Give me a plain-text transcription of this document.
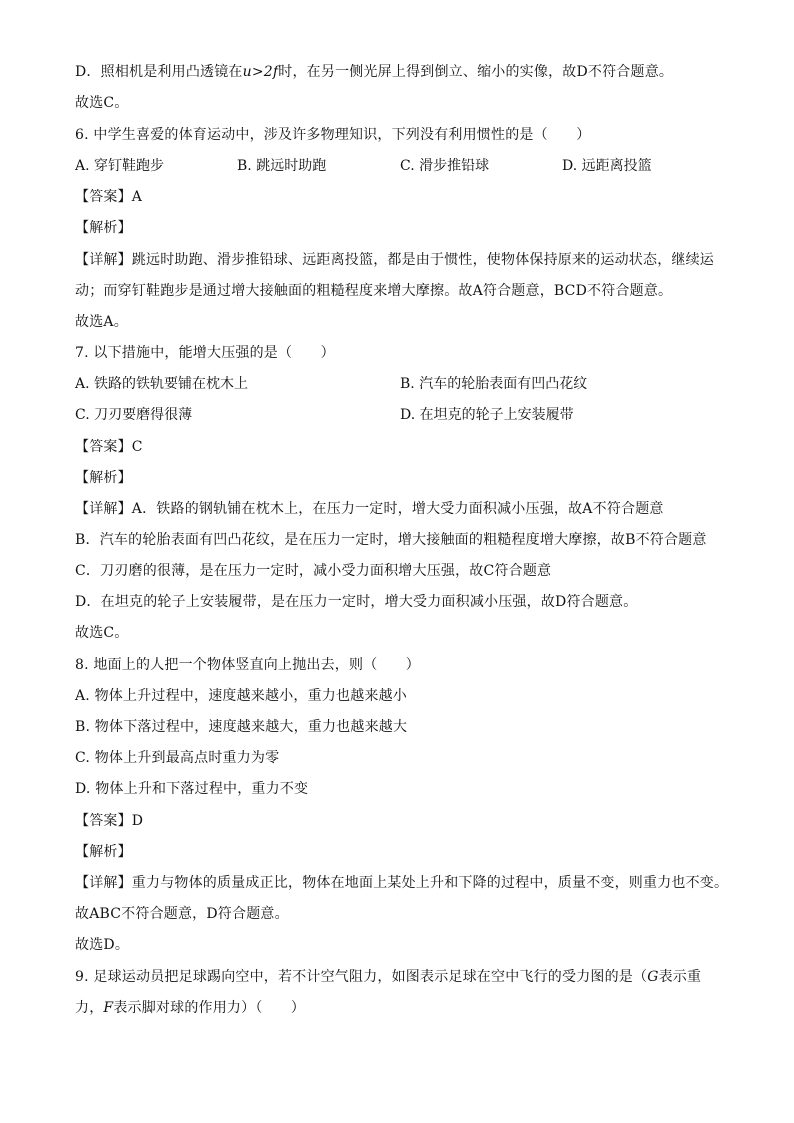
D．照相机是利用凸透镜在u>2f时，在另一侧光屏上得到倒立、缩小的实像，故D不符合题意。
故选C。
6. 中学生喜爱的体育运动中，涉及许多物理知识，下列没有利用惯性的是（　　）
A. 穿钉鞋跑步	B. 跳远时助跑	C. 滑步推铅球	D. 远距离投篮
【答案】A
【解析】
【详解】跳远时助跑、滑步推铅球、远距离投篮，都是由于惯性，使物体保持原来的运动状态，继续运
动；而穿钉鞋跑步是通过增大接触面的粗糙程度来增大摩擦。故A符合题意，BCD不符合题意。
故选A。
7. 以下措施中，能增大压强的是（　　）
A. 铁路的铁轨要铺在枕木上	B. 汽车的轮胎表面有凹凸花纹
C. 刀刃要磨得很薄	D. 在坦克的轮子上安装履带
【答案】C
【解析】
【详解】A．铁路的钢轨铺在枕木上，在压力一定时，增大受力面积减小压强，故A不符合题意
B．汽车的轮胎表面有凹凸花纹，是在压力一定时，增大接触面的粗糙程度增大摩擦，故B不符合题意
C．刀刃磨的很薄，是在压力一定时，减小受力面积增大压强，故C符合题意
D．在坦克的轮子上安装履带，是在压力一定时，增大受力面积减小压强，故D符合题意。
故选C。
8. 地面上的人把一个物体竖直向上抛出去，则（　　）
A. 物体上升过程中，速度越来越小，重力也越来越小
B. 物体下落过程中，速度越来越大，重力也越来越大
C. 物体上升到最高点时重力为零
D. 物体上升和下落过程中，重力不变
【答案】D
【解析】
【详解】重力与物体的质量成正比，物体在地面上某处上升和下降的过程中，质量不变，则重力也不变。
故ABC不符合题意，D符合题意。
故选D。
9. 足球运动员把足球踢向空中，若不计空气阻力，如图表示足球在空中飞行的受力图的是（G表示重
力，F表示脚对球的作用力）（　　）
